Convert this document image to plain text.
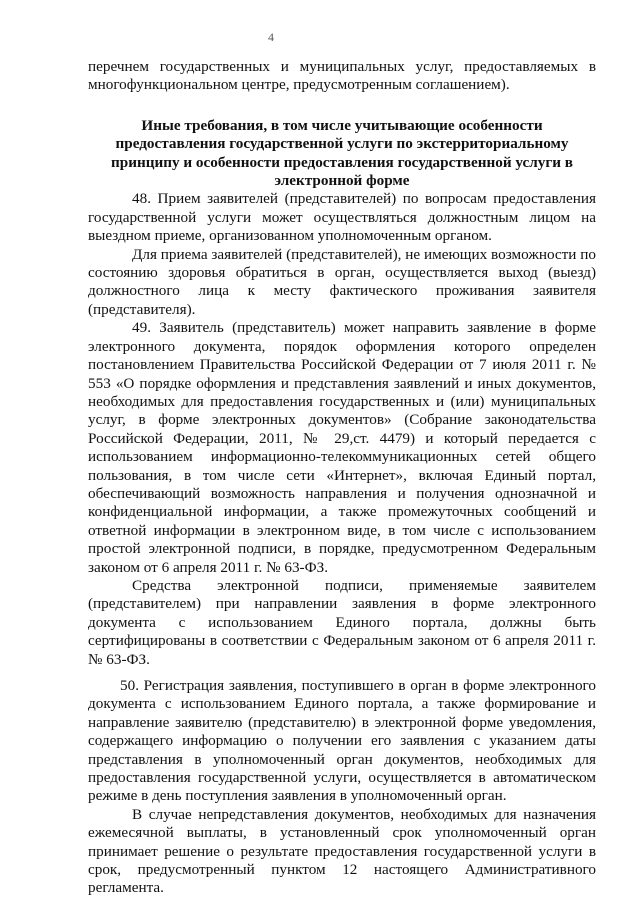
4

перечнем государственных и муниципальных услуг, предоставляемых в многофункциональном центре, предусмотренным соглашением).

Иные требования, в том числе учитывающие особенности предоставления государственной услуги по экстерриториальному принципу и особенности предоставления государственной услуги в электронной форме

48. Прием заявителей (представителей) по вопросам предоставления государственной услуги может осуществляться должностным лицом на выездном приеме, организованном уполномоченным органом.

Для приема заявителей (представителей), не имеющих возможности по состоянию здоровья обратиться в орган, осуществляется выход (выезд) должностного лица к месту фактического проживания заявителя (представителя).

49. Заявитель (представитель) может направить заявление в форме электронного документа, порядок оформления которого определен постановлением Правительства Российской Федерации от 7 июля 2011 г. № 553 «О порядке оформления и представления заявлений и иных документов, необходимых для предоставления государственных и (или) муниципальных услуг, в форме электронных документов» (Собрание законодательства Российской Федерации, 2011, № 29,ст. 4479) и который передается с использованием информационно-телекоммуникационных сетей общего пользования, в том числе сети «Интернет», включая Единый портал, обеспечивающий возможность направления и получения однозначной и конфиденциальной информации, а также промежуточных сообщений и ответной информации в электронном виде, в том числе с использованием простой электронной подписи, в порядке, предусмотренном Федеральным законом от 6 апреля 2011 г. № 63-ФЗ.

Средства электронной подписи, применяемые заявителем (представителем) при направлении заявления в форме электронного документа с использованием Единого портала, должны быть сертифицированы в соответствии с Федеральным законом от 6 апреля 2011 г. № 63-ФЗ.

50. Регистрация заявления, поступившего в орган в форме электронного документа с использованием Единого портала, а также формирование и направление заявителю (представителю) в электронной форме уведомления, содержащего информацию о получении его заявления с указанием даты представления в уполномоченный орган документов, необходимых для предоставления государственной услуги, осуществляется в автоматическом режиме в день поступления заявления в уполномоченный орган.

В случае непредставления документов, необходимых для назначения ежемесячной выплаты, в установленный срок уполномоченный орган принимает решение о результате предоставления государственной услуги в срок, предусмотренный пунктом 12 настоящего Административного регламента.
